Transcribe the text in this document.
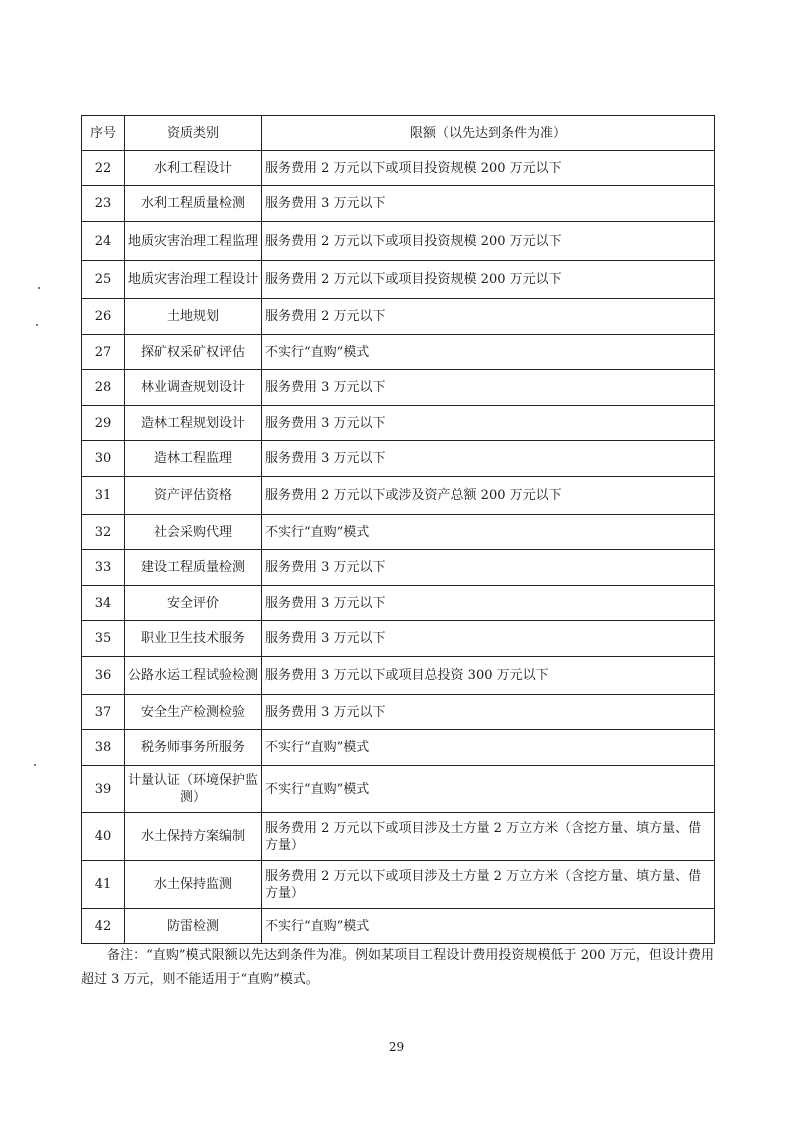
序号	资质类别	限额（以先达到条件为准）
22	水利工程设计	服务费用 2 万元以下或项目投资规模 200 万元以下
23	水利工程质量检测	服务费用 3 万元以下
24	地质灾害治理工程监理	服务费用 2 万元以下或项目投资规模 200 万元以下
25	地质灾害治理工程设计	服务费用 2 万元以下或项目投资规模 200 万元以下
26	土地规划	服务费用 2 万元以下
27	探矿权采矿权评估	不实行“直购”模式
28	林业调查规划设计	服务费用 3 万元以下
29	造林工程规划设计	服务费用 3 万元以下
30	造林工程监理	服务费用 3 万元以下
31	资产评估资格	服务费用 2 万元以下或涉及资产总额 200 万元以下
32	社会采购代理	不实行“直购”模式
33	建设工程质量检测	服务费用 3 万元以下
34	安全评价	服务费用 3 万元以下
35	职业卫生技术服务	服务费用 3 万元以下
36	公路水运工程试验检测	服务费用 3 万元以下或项目总投资 300 万元以下
37	安全生产检测检验	服务费用 3 万元以下
38	税务师事务所服务	不实行“直购”模式
39	计量认证（环境保护监测）	不实行“直购”模式
40	水土保持方案编制	服务费用 2 万元以下或项目涉及土方量 2 万立方米（含挖方量、填方量、借方量）
41	水土保持监测	服务费用 2 万元以下或项目涉及土方量 2 万立方米（含挖方量、填方量、借方量）
42	防雷检测	不实行“直购”模式
备注：“直购”模式限额以先达到条件为准。例如某项目工程设计费用投资规模低于 200 万元，但设计费用超过 3 万元，则不能适用于“直购”模式。
29
